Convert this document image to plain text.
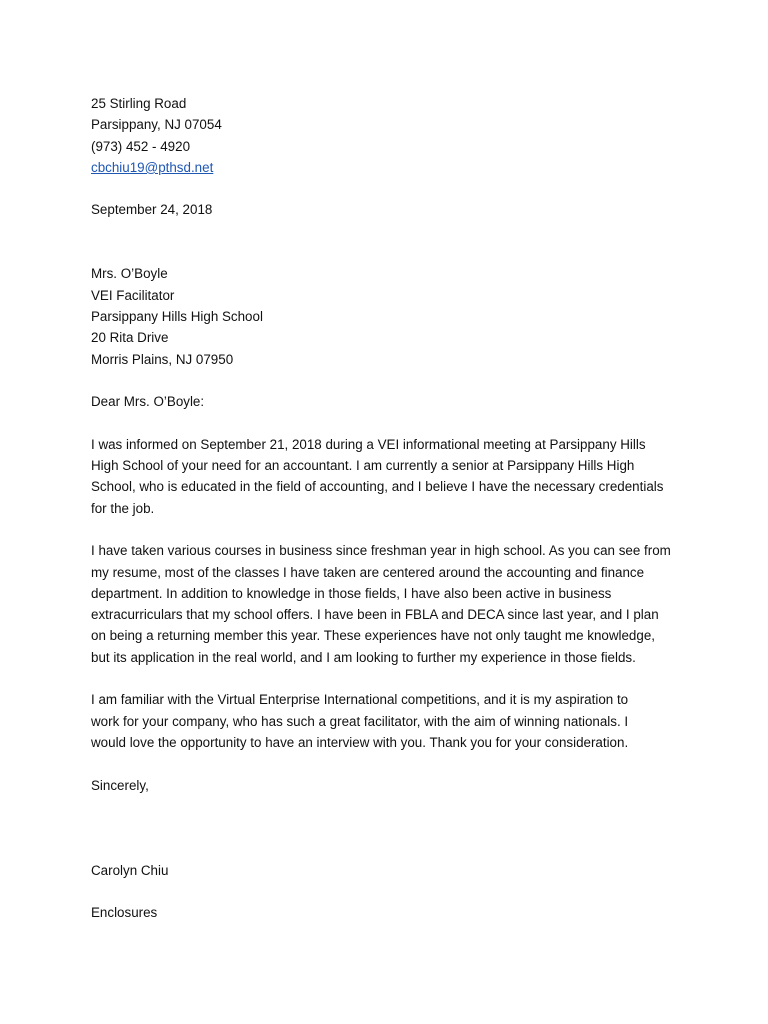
25 Stirling Road
Parsippany, NJ 07054
(973) 452 - 4920
cbchiu19@pthsd.net
September 24, 2018
Mrs. O’Boyle
VEI Facilitator
Parsippany Hills High School
20 Rita Drive
Morris Plains, NJ 07950
Dear Mrs. O’Boyle:
I was informed on September 21, 2018 during a VEI informational meeting at Parsippany Hills
High School of your need for an accountant. I am currently a senior at Parsippany Hills High
School, who is educated in the field of accounting, and I believe I have the necessary credentials
for the job.
I have taken various courses in business since freshman year in high school. As you can see from
my resume, most of the classes I have taken are centered around the accounting and finance
department. In addition to knowledge in those fields, I have also been active in business
extracurriculars that my school offers. I have been in FBLA and DECA since last year, and I plan
on being a returning member this year. These experiences have not only taught me knowledge,
but its application in the real world, and I am looking to further my experience in those fields.
I am familiar with the Virtual Enterprise International competitions, and it is my aspiration to
work for your company, who has such a great facilitator, with the aim of winning nationals. I
would love the opportunity to have an interview with you. Thank you for your consideration.
Sincerely,
Carolyn Chiu
Enclosures
